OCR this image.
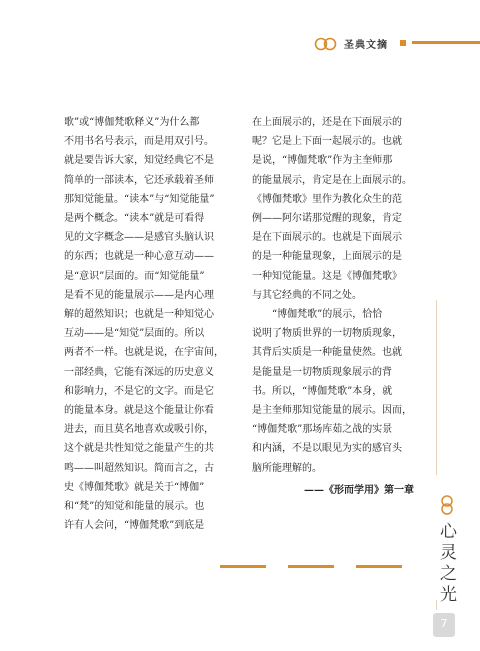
圣典文摘

歌”或“博伽梵歌释义”为什么都
不用书名号表示，而是用双引号。
就是要告诉大家，知觉经典它不是
简单的一部读本，它还承载着圣师
那知觉能量。“读本”与“知觉能量”
是两个概念。“读本”就是可看得
见的文字概念——是感官头脑认识
的东西；也就是一种心意互动——
是“意识”层面的。而“知觉能量”
是看不见的能量展示——是内心理
解的超然知识；也就是一种知觉心
互动——是“知觉”层面的。所以
两者不一样。也就是说，在宇宙间，
一部经典，它能有深远的历史意义
和影响力，不是它的文字。而是它
的能量本身。就是这个能量让你看
进去，而且莫名地喜欢或吸引你，
这个就是共性知觉之能量产生的共
鸣——叫超然知识。简而言之，古
史《博伽梵歌》就是关于“博伽”
和“梵”的知觉和能量的展示。也
许有人会问，“博伽梵歌”到底是

在上面展示的，还是在下面展示的
呢？它是上下面一起展示的。也就
是说，“博伽梵歌”作为主奎师那
的能量展示，肯定是在上面展示的。
《博伽梵歌》里作为教化众生的范
例——阿尔诺那觉醒的现象，肯定
是在下面展示的。也就是下面展示
的是一种能量现象，上面展示的是
一种知觉能量。这是《博伽梵歌》
与其它经典的不同之处。

“博伽梵歌”的展示，恰恰
说明了物质世界的一切物质现象，
其背后实质是一种能量使然。也就
是能量是一切物质现象展示的背
书。所以，“博伽梵歌”本身，就
是主奎师那知觉能量的展示。因而，
“博伽梵歌”那场库茹之战的实景
和内涵，不是以眼见为实的感官头
脑所能理解的。

——《形而学用》第一章
心灵之光
7
